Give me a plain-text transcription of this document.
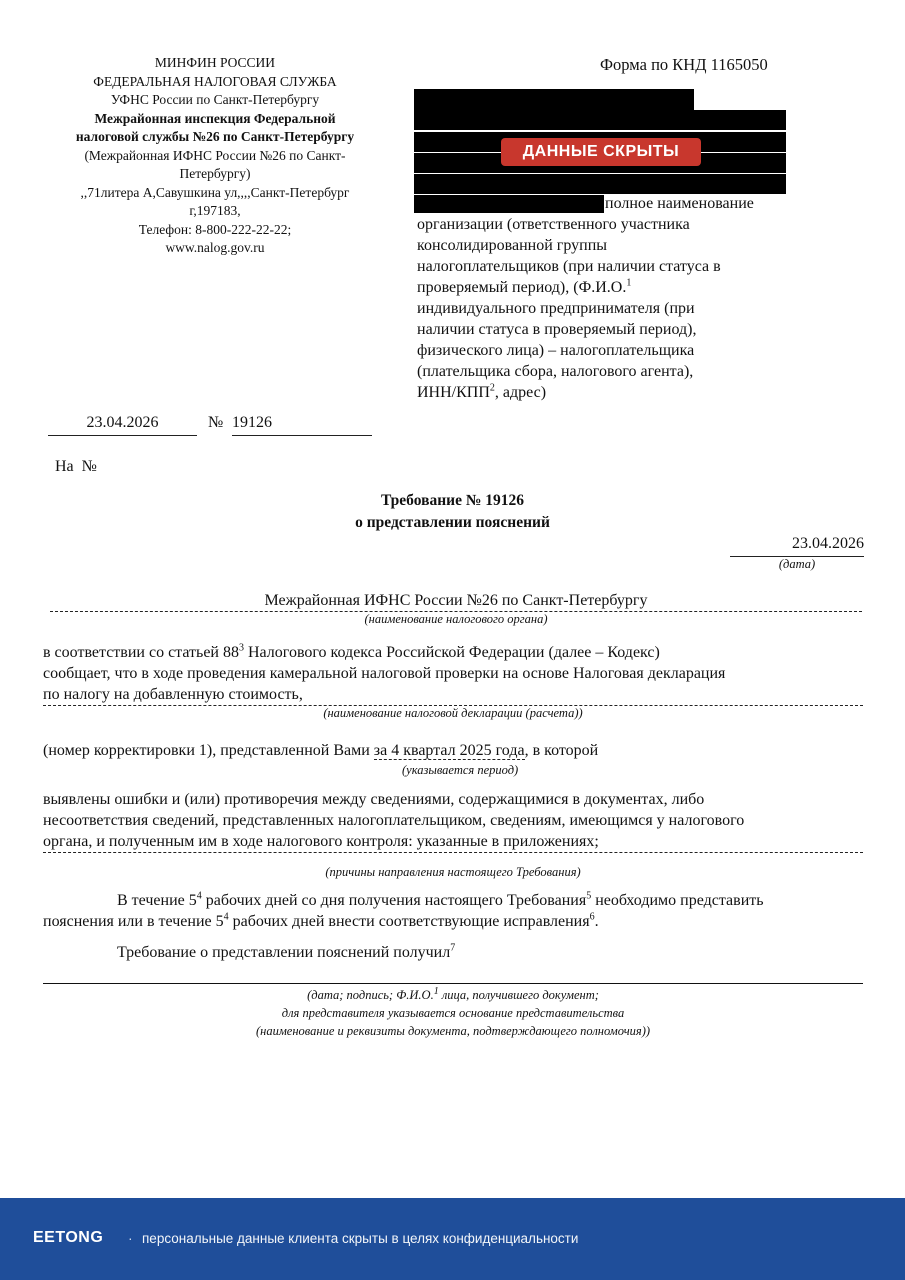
МИНФИН РОССИИ
ФЕДЕРАЛЬНАЯ НАЛОГОВАЯ СЛУЖБА
УФНС России по Санкт-Петербургу
Межрайонная инспекция Федеральной
налоговой службы №26 по Санкт-Петербургу
(Межрайонная ИФНС России №26 по Санкт-
Петербургу)
,,71литера А,Савушкина ул,,,,Санкт-Петербург
г,197183,
Телефон: 8-800-222-22-22;
www.nalog.gov.ru
Форма по КНД 1165050
ДАННЫЕ СКРЫТЫ
полное наименование

организации (ответственного участника

консолидированной группы

налогоплательщиков (при наличии статуса в

проверяемый период), (Ф.И.О.$^1$

индивидуального предпринимателя (при

наличии статуса в проверяемый период),

физического лица) – налогоплательщика

(плательщика сбора, налогового агента),

ИНН/КПП$^2$, адрес)

23.04.2026	№ 19126
На  №
Требование № 19126
о представлении пояснений
23.04.2026
(дата)
Межрайонная ИФНС России №26 по Санкт-Петербургу
(наименование налогового органа)
в соответствии со статьей $88^3$ Налогового кодекса Российской Федерации (далее – Кодекс)
сообщает, что в ходе проведения камеральной налоговой проверки на основе Налоговая декларация
по налогу на добавленную стоимость,
(наименование налоговой декларации (расчета))
(номер корректировки 1), представленной Вами за 4 квартал 2025 года, в которой
(указывается период)
выявлены ошибки и (или) противоречия между сведениями, содержащимися в документах, либо
несоответствия сведений, представленных налогоплательщиком, сведениям, имеющимся у налогового
органа, и полученным им в ходе налогового контроля: указанные в приложениях;
(причины направления настоящего Требования)
В течение $5^4$ рабочих дней со дня получения настоящего Требования$^5$ необходимо представить
пояснения или в течение $5^4$ рабочих дней внести соответствующие исправления$^6$.
Требование о представлении пояснений получил$^7$
(дата; подпись; Ф.И.О.$^1$ лица, получившего документ;
для представителя указывается основание представительства
(наименование и реквизиты документа, подтверждающего полномочия))
EETONG · персональные данные клиента скрыты в целях конфиденциальности
